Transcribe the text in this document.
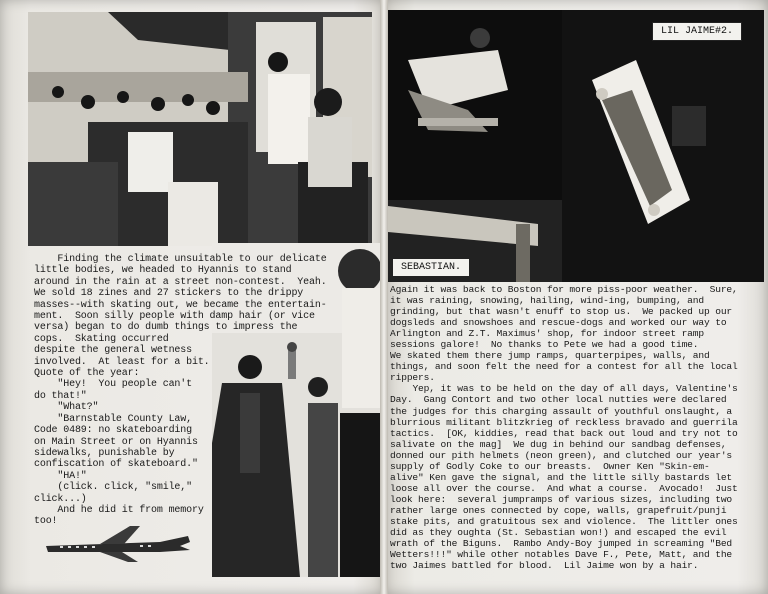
Finding the climate unsuitable to our delicate
little bodies, we headed to Hyannis to stand
around in the rain at a street non-contest.  Yeah.
We sold 18 zines and 27 stickers to the drippy
masses--with skating out, we became the entertain-
ment.  Soon silly people with damp hair (or vice
versa) began to do dumb things to impress the
cops.  Skating occurred
despite the general wetness
involved.  At least for a bit.
Quote of the year:
"Hey!  You people can't
do that!"
"What?"
"Barnstable County Law,
Code 0489: no skateboarding
on Main Street or on Hyannis
sidewalks, punishable by
confiscation of skateboard."
"HA!"
(click. click, "smile,"
click...)
And he did it from memory
too!
LIL JAIME#2.
SEBASTIAN.
Again it was back to Boston for more piss-poor weather.  Sure,
it was raining, snowing, hailing, wind-ing, bumping, and
grinding, but that wasn't enuff to stop us.  We packed up our
dogsleds and snowshoes and rescue-dogs and worked our way to
Arlington and Z.T. Maximus' shop, for indoor street ramp
sessions galore!  No thanks to Pete we had a good time.
We skated them there jump ramps, quarterpipes, walls, and
things, and soon felt the need for a contest for all the local
rippers.
Yep, it was to be held on the day of all days, Valentine's
Day.  Gang Contort and two other local nutties were declared
the judges for this charging assault of youthful onslaught, a
blurrious militant blitzkrieg of reckless bravado and guerrila
tactics.  [OK, kiddies, read that back out loud and try not to
salivate on the mag]  We dug in behind our sandbag defenses,
donned our pith helmets (neon green), and clutched our year's
supply of Godly Coke to our breasts.  Owner Ken "Skin-em-
alive" Ken gave the signal, and the little silly bastards let
loose all over the course.  And what a course.  Avocado!  Just
look here:  several jumpramps of various sizes, including two
rather large ones connected by cope, walls, grapefruit/punji
stake pits, and gratuitous sex and violence.  The littler ones
did as they oughta (St. Sebastian won!) and escaped the evil
wrath of the Biguns.  Rambo Andy-Boy jumped in screaming "Bed
Wetters!!!" while other notables Dave F., Pete, Matt, and the
two Jaimes battled for blood.  Lil Jaime won by a hair.
